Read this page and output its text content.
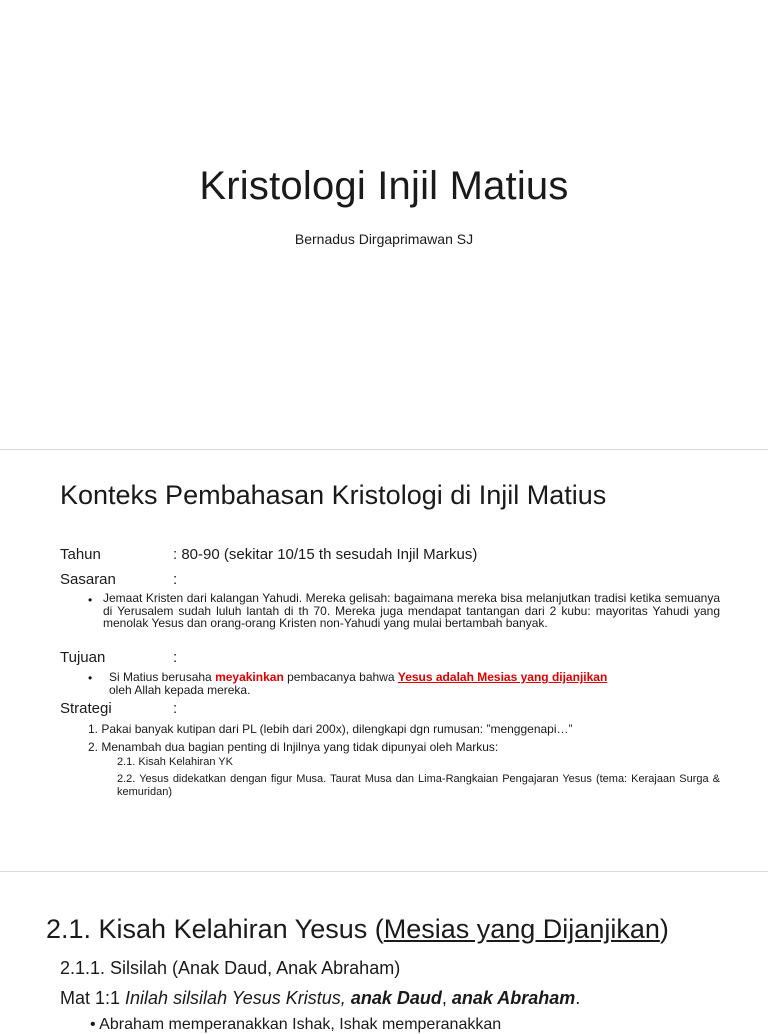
Kristologi Injil Matius
Bernadus Dirgaprimawan SJ
Konteks Pembahasan Kristologi di Injil Matius
Tahun	: 80-90 (sekitar 10/15 th sesudah Injil Markus)
Sasaran	:
• Jemaat Kristen dari kalangan Yahudi. Mereka gelisah: bagaimana mereka bisa melanjutkan tradisi ketika semuanya di Yerusalem sudah luluh lantah di th 70. Mereka juga mendapat tantangan dari 2 kubu: mayoritas Yahudi yang menolak Yesus dan orang-orang Kristen non-Yahudi yang mulai bertambah banyak.
Tujuan	:
• Si Matius berusaha meyakinkan pembacanya bahwa Yesus adalah Mesias yang dijanjikan
oleh Allah kepada mereka.
Strategi	:
1. Pakai banyak kutipan dari PL (lebih dari 200x), dilengkapi dgn rumusan: ”menggenapi…”
2. Menambah dua bagian penting di Injilnya yang tidak dipunyai oleh Markus:
2.1. Kisah Kelahiran YK
2.2. Yesus didekatkan dengan figur Musa. Taurat Musa dan Lima-Rangkaian Pengajaran Yesus (tema: Kerajaan Surga & kemuridan)
2.1. Kisah Kelahiran Yesus (Mesias yang Dijanjikan)
2.1.1. Silsilah (Anak Daud, Anak Abraham)
Mat 1:1 Inilah silsilah Yesus Kristus, anak Daud, anak Abraham.
• Abraham memperanakkan Ishak, Ishak memperanakkan
